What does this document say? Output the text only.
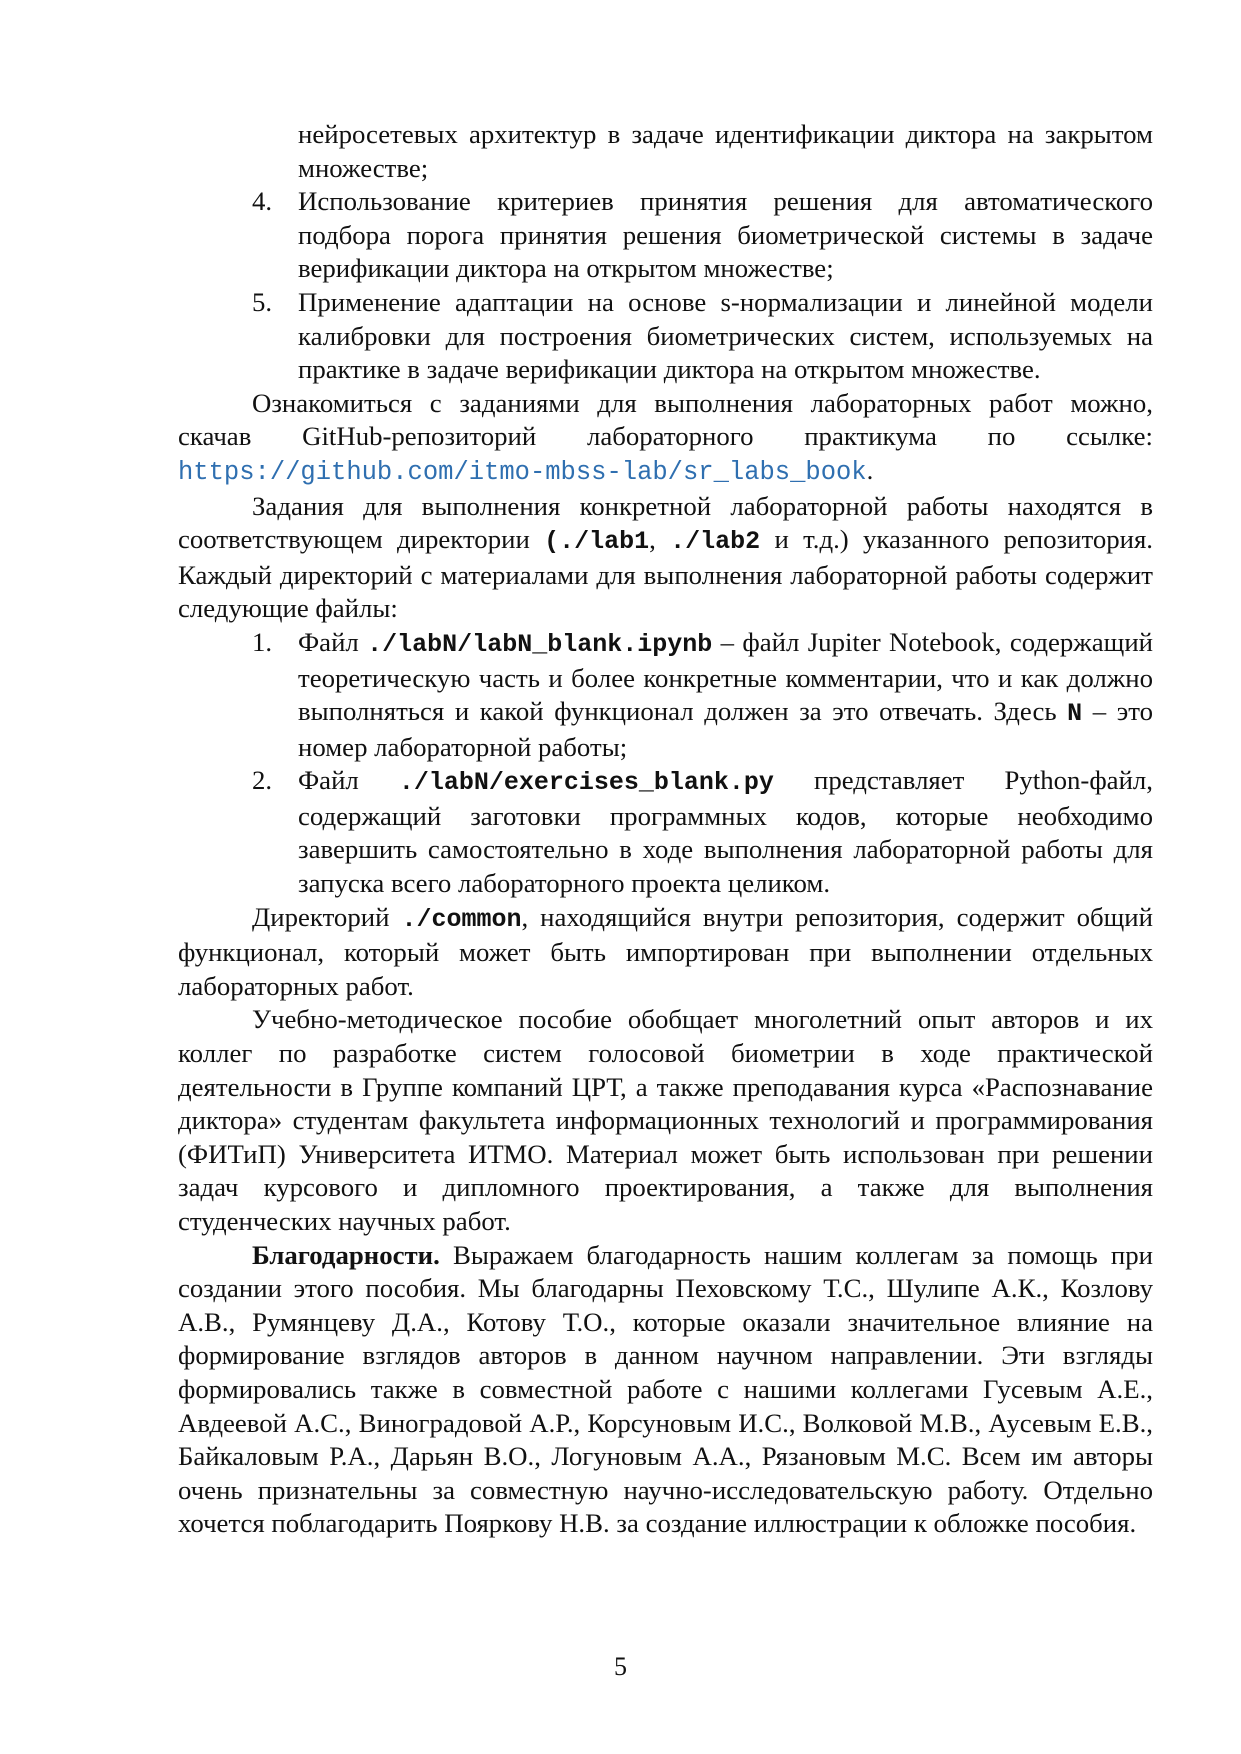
нейросетевых архитектур в задаче идентификации диктора на закрытом множестве;
4. Использование критериев принятия решения для автоматического подбора порога принятия решения биометрической системы в задаче верификации диктора на открытом множестве;
5. Применение адаптации на основе s-нормализации и линейной модели калибровки для построения биометрических систем, используемых на практике в задаче верификации диктора на открытом множестве.

Ознакомиться с заданиями для выполнения лабораторных работ можно, скачав GitHub-репозиторий лабораторного практикума по ссылке: https://github.com/itmo-mbss-lab/sr_labs_book.

Задания для выполнения конкретной лабораторной работы находятся в соответствующем директории (./lab1, ./lab2 и т.д.) указанного репозитория. Каждый директорий с материалами для выполнения лабораторной работы содержит следующие файлы:

1. Файл ./labN/labN_blank.ipynb – файл Jupiter Notebook, содержащий теоретическую часть и более конкретные комментарии, что и как должно выполняться и какой функционал должен за это отвечать. Здесь N – это номер лабораторной работы;
2. Файл ./labN/exercises_blank.py представляет Python-файл, содержащий заготовки программных кодов, которые необходимо завершить самостоятельно в ходе выполнения лабораторной работы для запуска всего лабораторного проекта целиком.

Директорий ./common, находящийся внутри репозитория, содержит общий функционал, который может быть импортирован при выполнении отдельных лабораторных работ.

Учебно-методическое пособие обобщает многолетний опыт авторов и их коллег по разработке систем голосовой биометрии в ходе практической деятельности в Группе компаний ЦРТ, а также преподавания курса «Распознавание диктора» студентам факультета информационных технологий и программирования (ФИТиП) Университета ИТМО. Материал может быть использован при решении задач курсового и дипломного проектирования, а также для выполнения студенческих научных работ.

Благодарности. Выражаем благодарность нашим коллегам за помощь при создании этого пособия. Мы благодарны Пеховскому Т.С., Шулипе А.К., Козлову А.В., Румянцеву Д.А., Котову Т.О., которые оказали значительное влияние на формирование взглядов авторов в данном научном направлении. Эти взгляды формировались также в совместной работе с нашими коллегами Гусевым А.Е., Авдеевой А.С., Виноградовой А.Р., Корсуновым И.С., Волковой М.В., Аусевым Е.В., Байкаловым Р.А., Дарьян В.О., Логуновым А.А., Рязановым М.С. Всем им авторы очень признательны за совместную научно-исследовательскую работу. Отдельно хочется поблагодарить Пояркову Н.В. за создание иллюстрации к обложке пособия.

5
